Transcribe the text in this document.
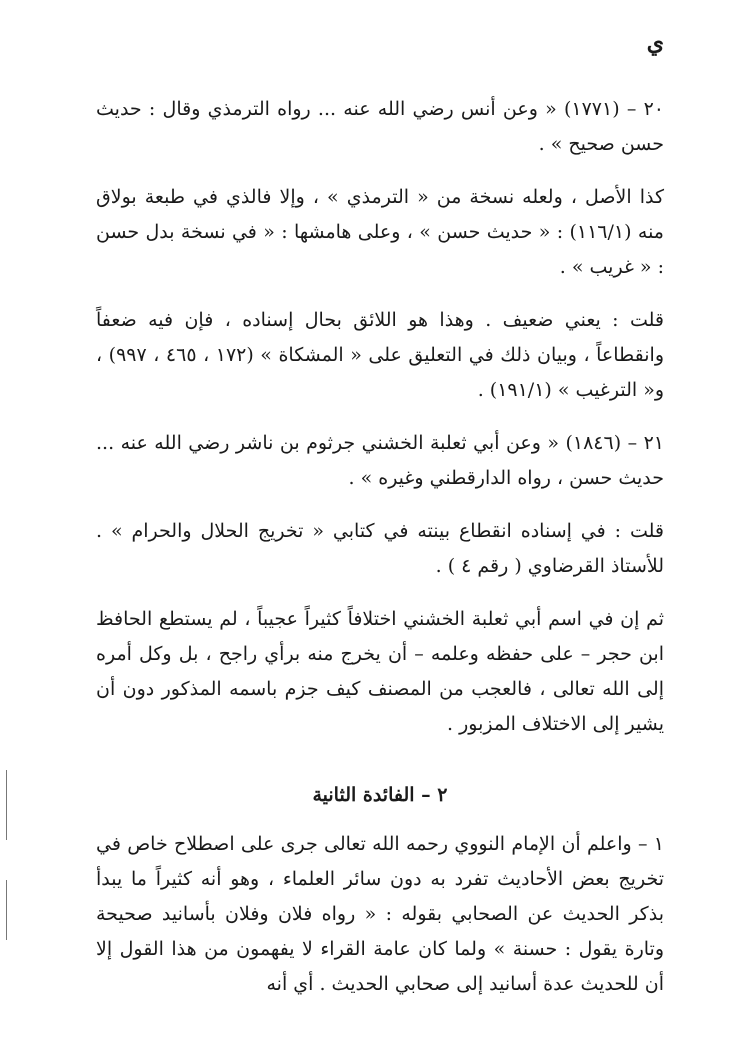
ي

٢٠ – (١٧٧١) « وعن أنس رضي الله عنه ... رواه الترمذي وقال : حديث حسن صحيح » .

كذا الأصل ، ولعله نسخة من « الترمذي » ، وإلا فالذي في طبعة بولاق منه (١١٦/١) : « حديث حسن » ، وعلى هامشها : « في نسخة بدل حسن : « غريب » .

قلت : يعني ضعيف . وهذا هو اللائق بحال إسناده ، فإن فيه ضعفاً وانقطاعاً ، وبيان ذلك في التعليق على « المشكاة » (١٧٢ ، ٤٦٥ ، ٩٩٧) ، و« الترغيب » (١٩١/١) .

٢١ – (١٨٤٦) « وعن أبي ثعلبة الخشني جرثوم بن ناشر رضي الله عنه ... حديث حسن ، رواه الدارقطني وغيره » .

قلت : في إسناده انقطاع بينته في كتابي « تخريج الحلال والحرام » . للأستاذ القرضاوي ( رقم ٤ ) .

ثم إن في اسم أبي ثعلبة الخشني اختلافاً كثيراً عجيباً ، لم يستطع الحافظ ابن حجر – على حفظه وعلمه – أن يخرج منه برأي راجح ، بل وكل أمره إلى الله تعالى ، فالعجب من المصنف كيف جزم باسمه المذكور دون أن يشير إلى الاختلاف المزبور .

٢ – الفائدة الثانية

١ – واعلم أن الإمام النووي رحمه الله تعالى جرى على اصطلاح خاص في تخريج بعض الأحاديث تفرد به دون سائر العلماء ، وهو أنه كثيراً ما يبدأ بذكر الحديث عن الصحابي بقوله : « رواه فلان وفلان بأسانيد صحيحة وتارة يقول : حسنة » ولما كان عامة القراء لا يفهمون من هذا القول إلا أن للحديث عدة أسانيد إلى صحابي الحديث . أي أنه
